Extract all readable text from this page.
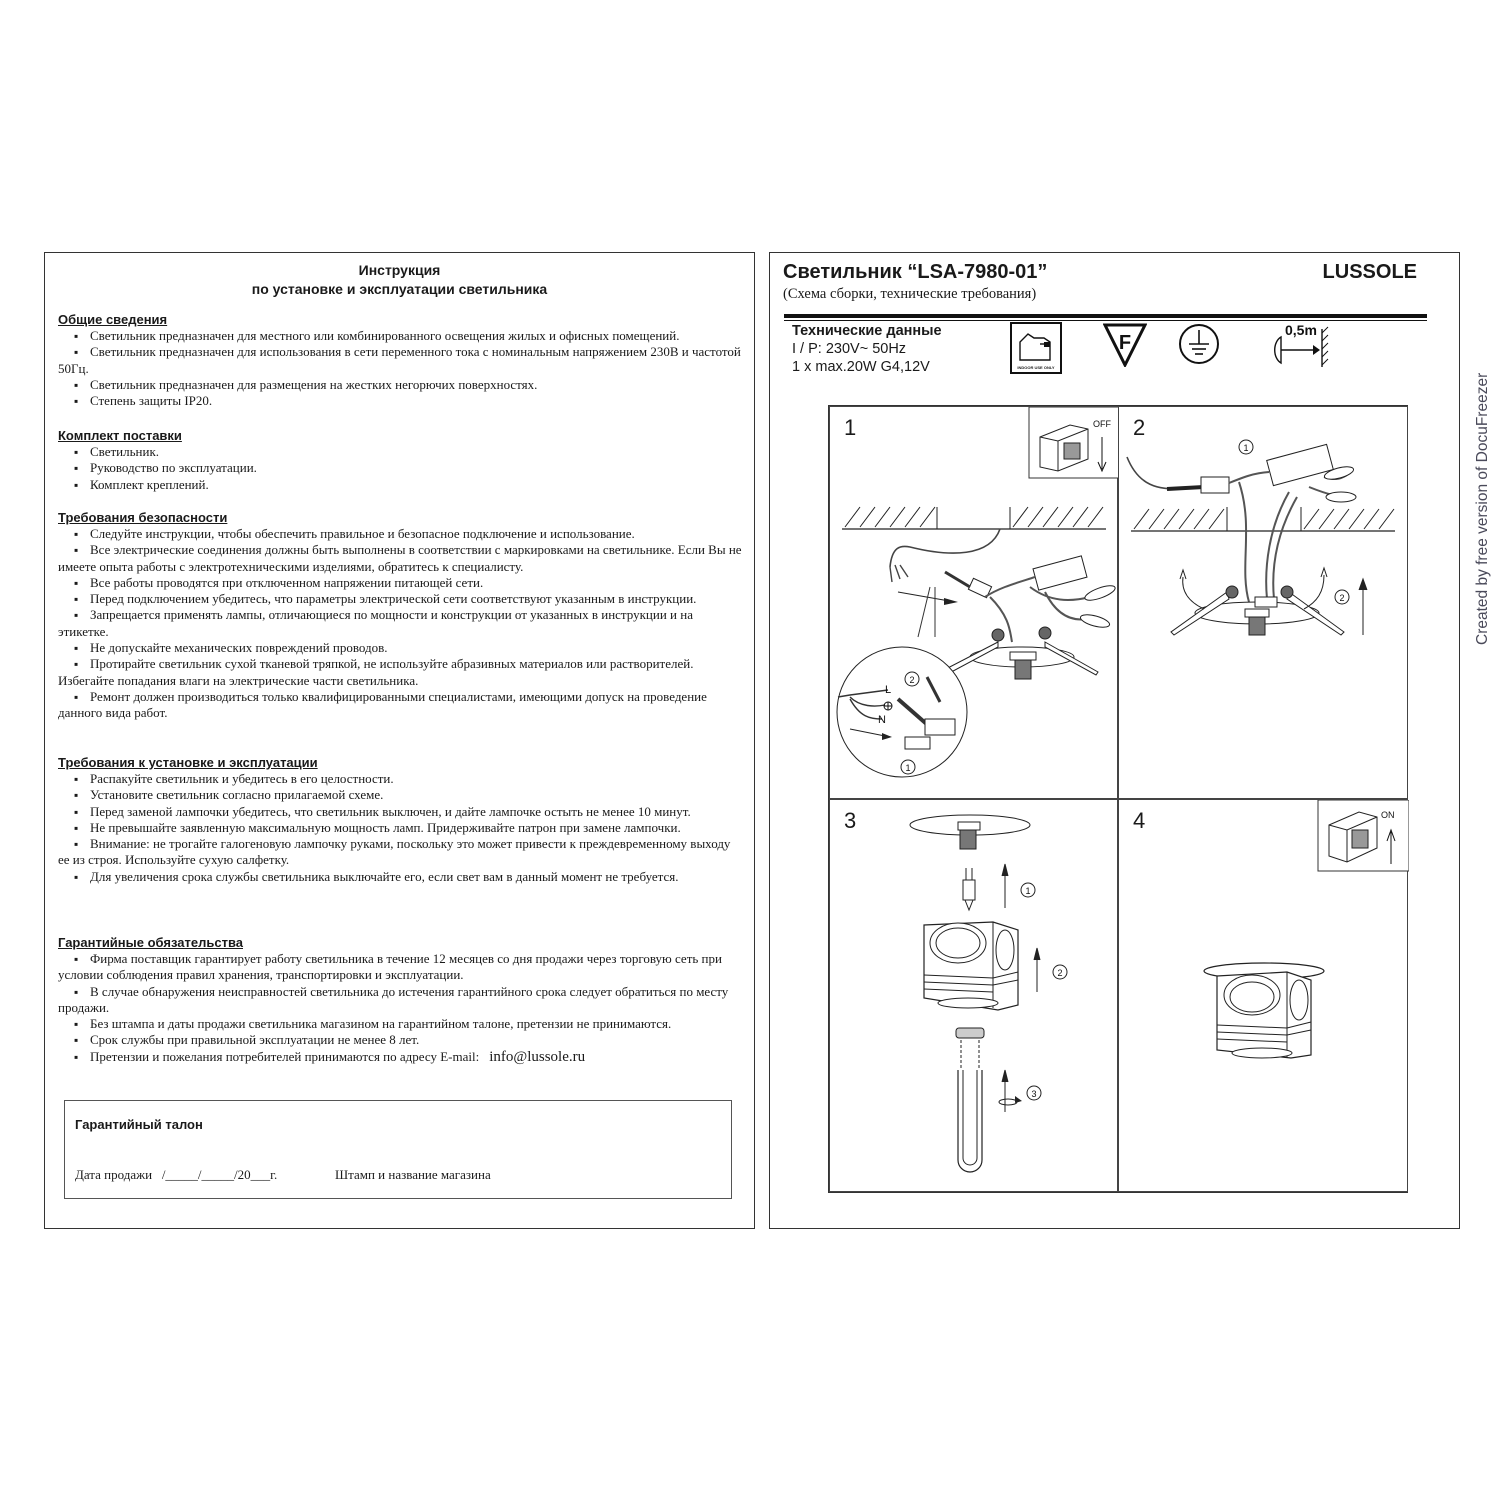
Инструкция
по установке и эксплуатации светильника
Общие сведения
▪ Светильник предназначен для местного или комбинированного освещения жилых и офисных помещений.
▪ Светильник предназначен для использования в сети переменного тока с номинальным напряжением 230В и частотой 50Гц.
▪ Светильник предназначен для размещения на жестких негорючих поверхностях.
▪ Степень защиты IP20.
Комплект поставки
▪ Светильник.
▪ Руководство по эксплуатации.
▪ Комплект креплений.
Требования безопасности
▪ Следуйте инструкции, чтобы обеспечить правильное и безопасное подключение и использование.
▪ Все электрические соединения должны быть выполнены в соответствии с маркировками на светильнике. Если Вы не имеете опыта работы с электротехническими изделиями, обратитесь к специалисту.
▪ Все работы проводятся при отключенном напряжении питающей сети.
▪ Перед подключением убедитесь, что параметры электрической сети соответствуют указанным в инструкции.
▪ Запрещается применять лампы, отличающиеся по мощности и конструкции от указанных в инструкции и на этикетке.
▪ Не допускайте механических повреждений проводов.
▪ Протирайте светильник сухой тканевой тряпкой, не используйте абразивных материалов или растворителей. Избегайте попадания влаги на электрические части светильника.
▪ Ремонт должен производиться только квалифицированными специалистами, имеющими допуск на проведение данного вида работ.
Требования к установке и эксплуатации
▪ Распакуйте светильник и убедитесь в его целостности.
▪ Установите светильник согласно прилагаемой схеме.
▪ Перед заменой лампочки убедитесь, что светильник выключен, и дайте лампочке остыть не менее 10 минут.
▪ Не превышайте заявленную максимальную мощность ламп. Придерживайте патрон при замене лампочки.
▪ Внимание: не трогайте галогеновую лампочку руками, поскольку это может привести к преждевременному выходу ее из строя. Используйте сухую салфетку.
▪ Для увеличения срока службы светильника выключайте его, если свет вам в данный момент не требуется.
Гарантийные обязательства
▪ Фирма поставщик гарантирует работу светильника в течение 12 месяцев со дня продажи через торговую сеть при условии соблюдения правил хранения, транспортировки и эксплуатации.
▪ В случае обнаружения неисправностей светильника до истечения гарантийного срока следует обратиться по месту продажи.
▪ Без штампа и даты продажи светильника магазином на гарантийном талоне, претензии не принимаются.
▪ Срок службы при правильной эксплуатации не менее 8 лет.
▪ Претензии и пожелания потребителей принимаются по адресу E-mail: info@lussole.ru
Гарантийный талон
Дата продажи   /_____/_____/20___г.	Штамп и название магазина
Светильник “LSA-7980-01”	LUSSOLE
(Схема сборки, технические требования)
Технические данные
I / P: 230V~ 50Hz
1 x max.20W G4,12V	INDOOR USE ONLY
F
0,5m
1	OFF
L
N
2
1
2
1
2
3
1
2
3
4	ON
Created by free version of DocuFreezer
